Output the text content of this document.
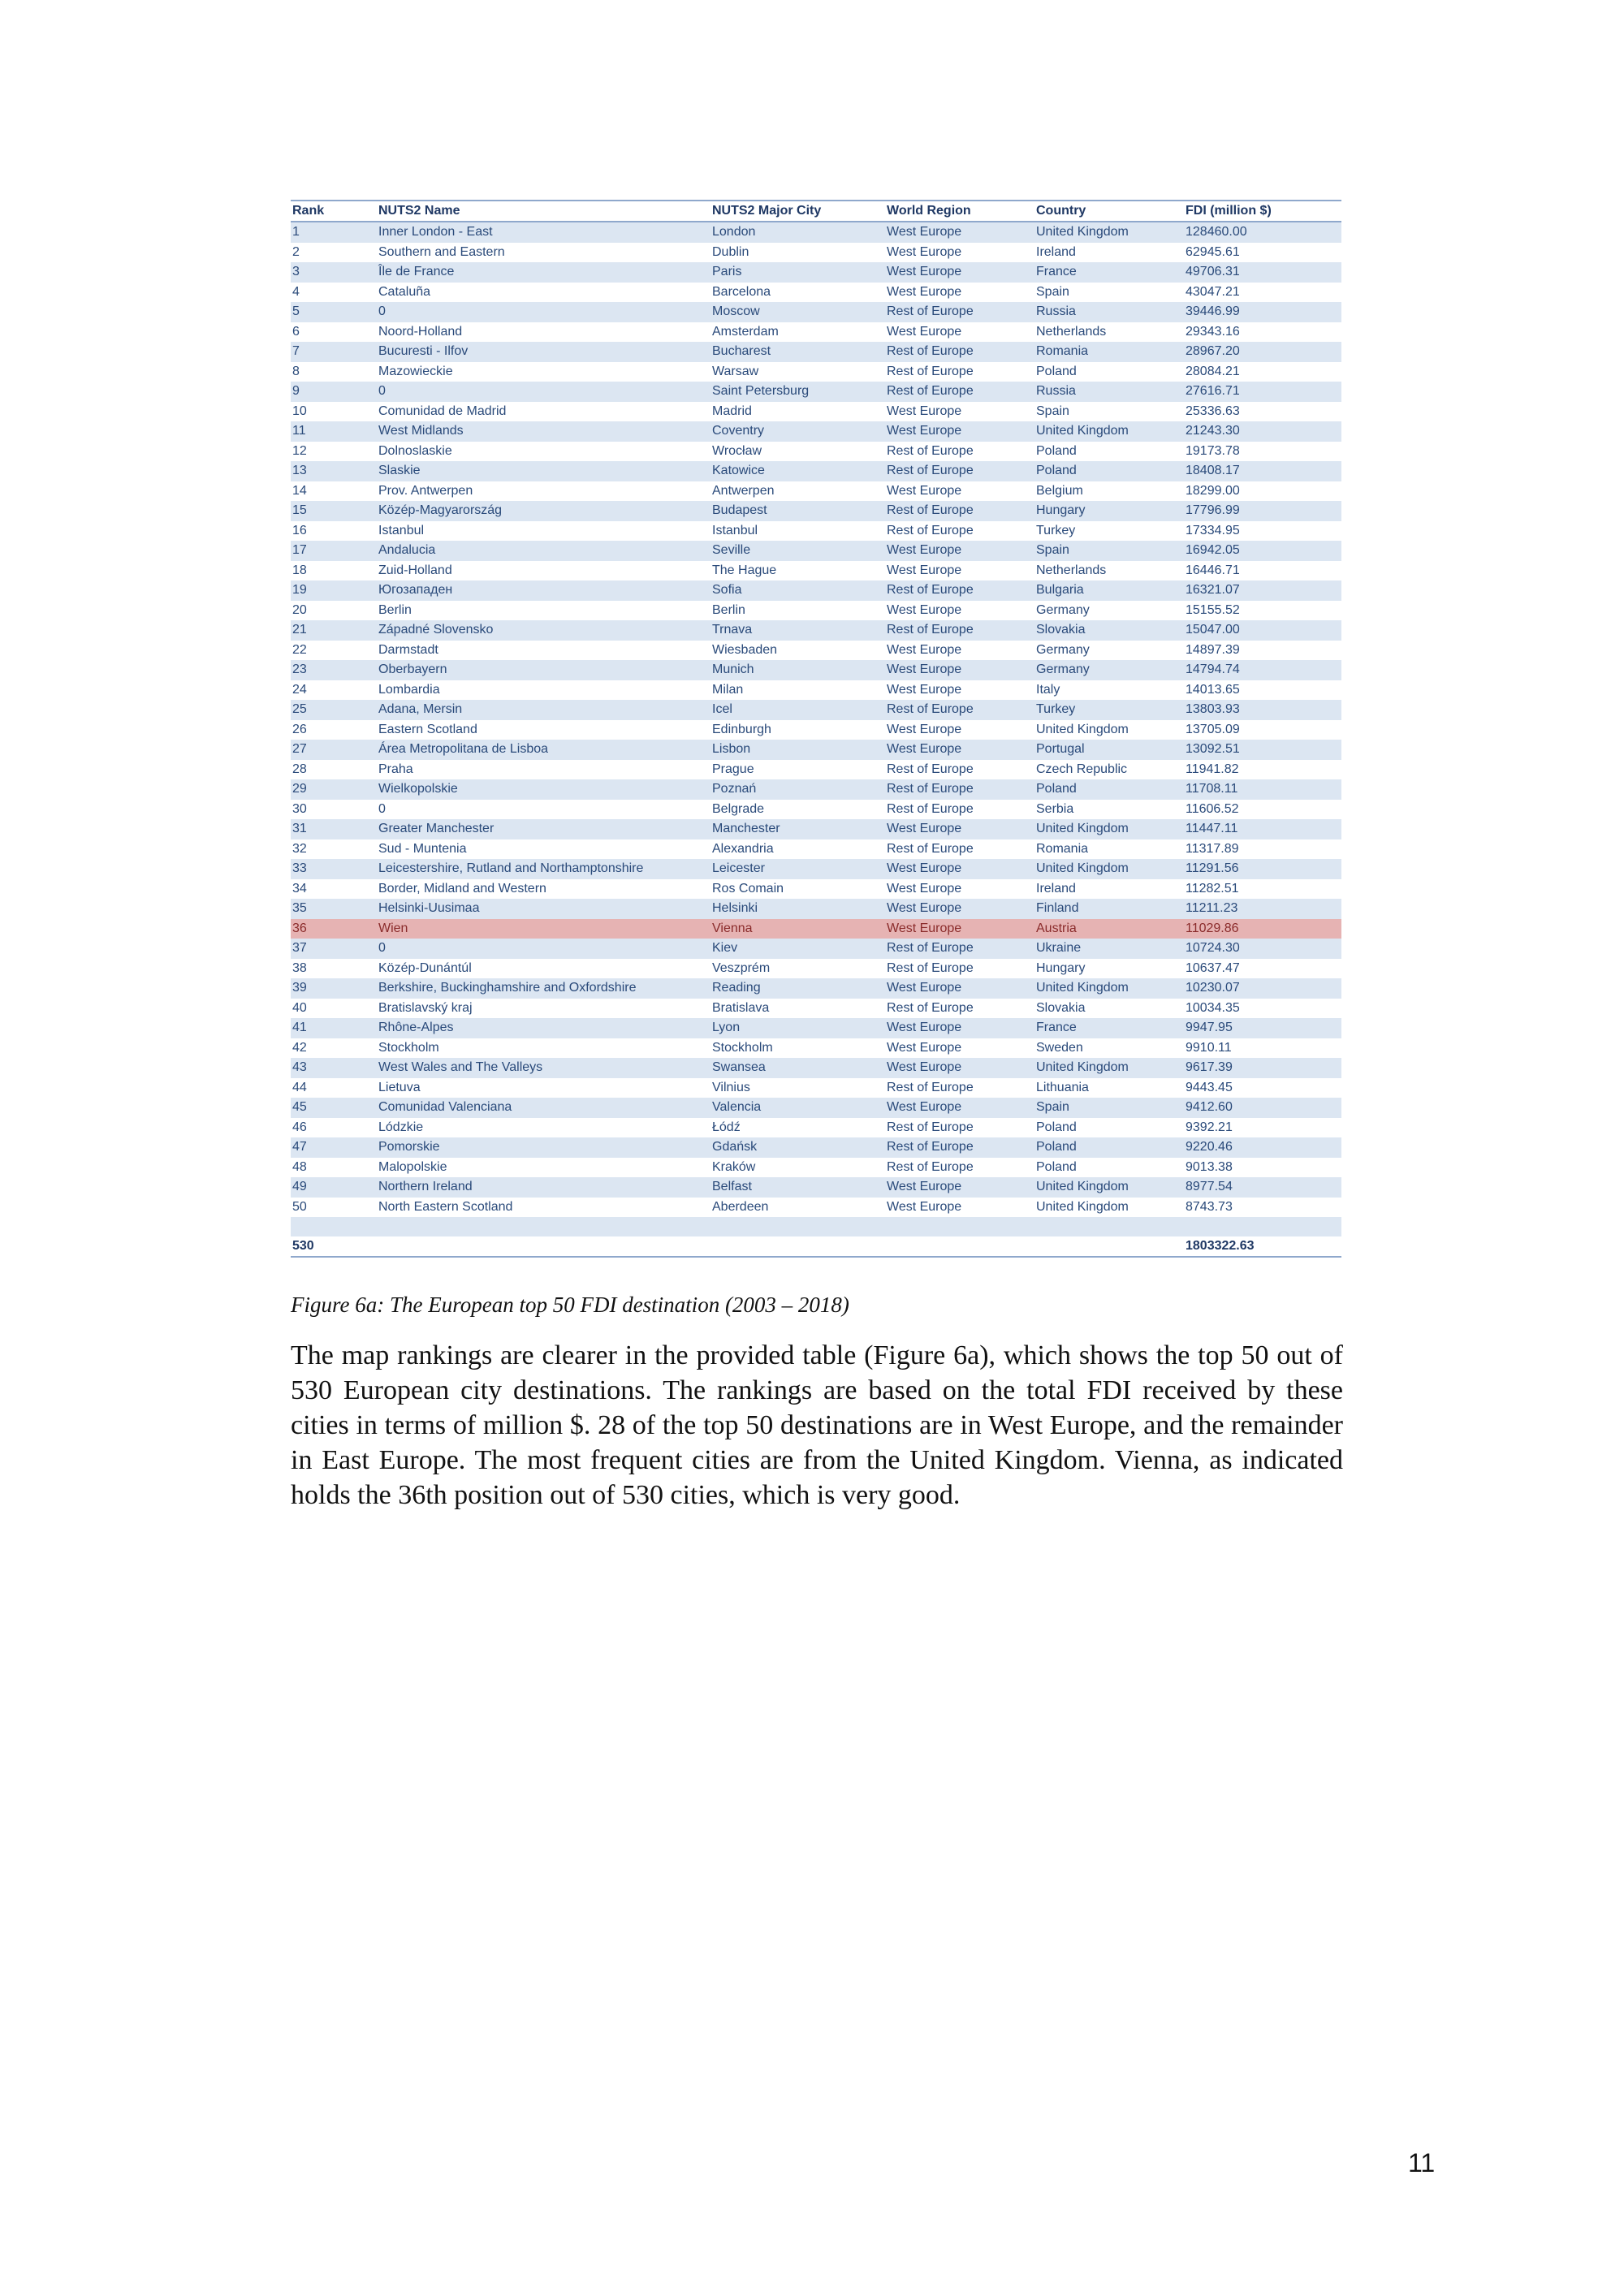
Rank	NUTS2 Name	NUTS2 Major City	World Region	Country	FDI (million $)
1	Inner London - East	London	West Europe	United Kingdom	128460.00
2	Southern and Eastern	Dublin	West Europe	Ireland	62945.61
3	Île de France	Paris	West Europe	France	49706.31
4	Cataluña	Barcelona	West Europe	Spain	43047.21
5	0	Moscow	Rest of Europe	Russia	39446.99
6	Noord-Holland	Amsterdam	West Europe	Netherlands	29343.16
7	Bucuresti - Ilfov	Bucharest	Rest of Europe	Romania	28967.20
8	Mazowieckie	Warsaw	Rest of Europe	Poland	28084.21
9	0	Saint Petersburg	Rest of Europe	Russia	27616.71
10	Comunidad de Madrid	Madrid	West Europe	Spain	25336.63
11	West Midlands	Coventry	West Europe	United Kingdom	21243.30
12	Dolnoslaskie	Wrocław	Rest of Europe	Poland	19173.78
13	Slaskie	Katowice	Rest of Europe	Poland	18408.17
14	Prov. Antwerpen	Antwerpen	West Europe	Belgium	18299.00
15	Közép-Magyarország	Budapest	Rest of Europe	Hungary	17796.99
16	Istanbul	Istanbul	Rest of Europe	Turkey	17334.95
17	Andalucia	Seville	West Europe	Spain	16942.05
18	Zuid-Holland	The Hague	West Europe	Netherlands	16446.71
19	Югозападен	Sofia	Rest of Europe	Bulgaria	16321.07
20	Berlin	Berlin	West Europe	Germany	15155.52
21	Západné Slovensko	Trnava	Rest of Europe	Slovakia	15047.00
22	Darmstadt	Wiesbaden	West Europe	Germany	14897.39
23	Oberbayern	Munich	West Europe	Germany	14794.74
24	Lombardia	Milan	West Europe	Italy	14013.65
25	Adana, Mersin	Icel	Rest of Europe	Turkey	13803.93
26	Eastern Scotland	Edinburgh	West Europe	United Kingdom	13705.09
27	Área Metropolitana de Lisboa	Lisbon	West Europe	Portugal	13092.51
28	Praha	Prague	Rest of Europe	Czech Republic	11941.82
29	Wielkopolskie	Poznań	Rest of Europe	Poland	11708.11
30	0	Belgrade	Rest of Europe	Serbia	11606.52
31	Greater Manchester	Manchester	West Europe	United Kingdom	11447.11
32	Sud - Muntenia	Alexandria	Rest of Europe	Romania	11317.89
33	Leicestershire, Rutland and Northamptonshire	Leicester	West Europe	United Kingdom	11291.56
34	Border, Midland and Western	Ros Comain	West Europe	Ireland	11282.51
35	Helsinki-Uusimaa	Helsinki	West Europe	Finland	11211.23
36	Wien	Vienna	West Europe	Austria	11029.86
37	0	Kiev	Rest of Europe	Ukraine	10724.30
38	Közép-Dunántúl	Veszprém	Rest of Europe	Hungary	10637.47
39	Berkshire, Buckinghamshire and Oxfordshire	Reading	West Europe	United Kingdom	10230.07
40	Bratislavský kraj	Bratislava	Rest of Europe	Slovakia	10034.35
41	Rhône-Alpes	Lyon	West Europe	France	9947.95
42	Stockholm	Stockholm	West Europe	Sweden	9910.11
43	West Wales and The Valleys	Swansea	West Europe	United Kingdom	9617.39
44	Lietuva	Vilnius	Rest of Europe	Lithuania	9443.45
45	Comunidad Valenciana	Valencia	West Europe	Spain	9412.60
46	Lódzkie	Łódź	Rest of Europe	Poland	9392.21
47	Pomorskie	Gdańsk	Rest of Europe	Poland	9220.46
48	Malopolskie	Kraków	Rest of Europe	Poland	9013.38
49	Northern Ireland	Belfast	West Europe	United Kingdom	8977.54
50	North Eastern Scotland	Aberdeen	West Europe	United Kingdom	8743.73

530					1803322.63
Figure 6a: The European top 50 FDI destination (2003 – 2018)

The map rankings are clearer in the provided table (Figure 6a), which shows the top 50 out of 530 European city destinations. The rankings are based on the total FDI received by these cities in terms of million $. 28 of the top 50 destinations are in West Europe, and the remainder in East Europe. The most frequent cities are from the United Kingdom. Vienna, as indicated holds the 36th position out of 530 cities, which is very good.

11
